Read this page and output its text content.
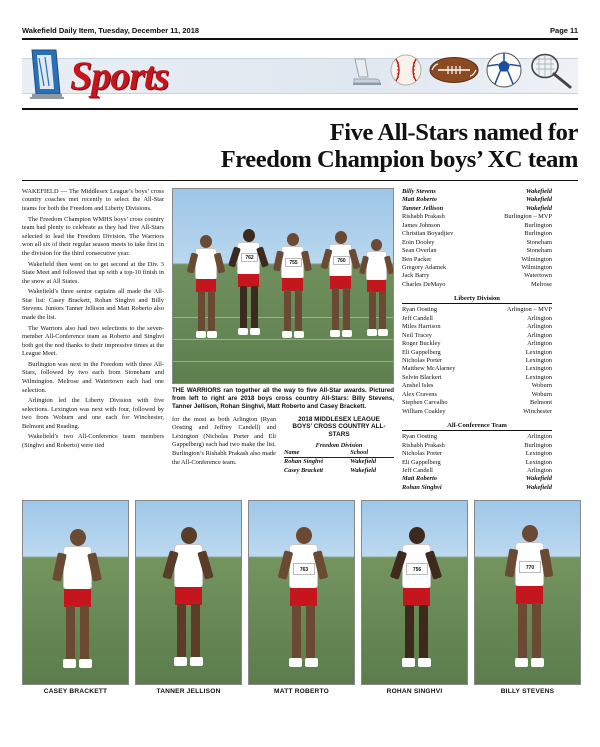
Wakefield Daily Item, Tuesday, December 11, 2018	Page 11
Sports
Five All-Stars named for
Freedom Champion boys’ XC team

WAKEFIELD — The Middlesex League’s boys’ cross country coaches met recently to select the All-Star teams for both the Freedom and Liberty Divisions.

The Freedom Champion WMHS boys’ cross country team had plenty to celebrate as they had five All-Stars selected to lead the Freedom Division. The Warriors won all six of their regular season meets to take first in the division for the third consecutive year.

Wakefield then went on to get second at the Div. 3 State Meet and followed that up with a top-10 finish in the snow at All States.

Wakefield’s three senior captains all made the All-Star list: Casey Brackett, Rohan Singhvi and Billy Stevens. Juniors Tanner Jellison and Matt Roberto also made the list.

The Warriors also had two selections to the seven-member All-Conference team as Roberto and Singhvi both got the nod thanks to their impressive times at the League Meet.

Burlington was next in the Freedom with three All-Stars, followed by two each from Stoneham and Wilmington. Melrose and Watertown each had one selection.

Arlington led the Liberty Division with five selections. Lexington was next with four, followed by two from Woburn and one each for Winchester, Belmont and Reading.

Wakefield’s two All-Conference team members (Singhvi and Roberto) were tied

762
755	760
THE WARRIORS ran together all the way to five All-Star awards. Pictured from left to right are 2018 boys cross country All-Stars: Billy Stevens, Tanner Jellison, Rohan Singhvi, Matt Roberto and Casey Brackett.

for the most as both Arlington (Ryan Oosting and Jeffrey Candell) and Lexington (Nicholas Porter and Eli Gappelberg) each had two make the list. Burlington’s Rishabh Prakash also made the All-Conference team.

2018 MIDDLESEX LEAGUE
BOYS’ CROSS COUNTRY ALL-STARS
Freedom Division
Name	School
Rohan Singhvi	Wakefield
Casey Brackett	Wakefield
Billy Stevens	Wakefield
Matt Roberto	Wakefield
Tanner Jellison	Wakefield
Rishabh Prakash	Burlington – MVP
James Johnson	Burlington
Christian Boyadjiev	Burlington
Eoin Dooley	Stoneham
Sean Overlan	Stoneham
Ben Packer	Wilmington
Gregory Adamek	Wilmington
Jack Barry	Watertown
Charles DeMayo	Melrose
Liberty Division
Ryan Oosting	Arlington – MVP
Jeff Candell	Arlington
Miles Harrison	Arlington
Neil Tracey	Arlington
Roger Buckley	Arlington
Eli Gappelberg	Lexington
Nicholas Porter	Lexington
Matthew McAlarney	Lexington
Selvin Blackert	Lexington
Anshel Isles	Woburn
Alex Cravens	Woburn
Stephen Carvalho	Belmont
William Coakley	Winchester
All-Conference Team
Ryan Oosting	Arlington
Rishabh Prakash	Burlington
Nicholas Porter	Lexington
Eli Gappelberg	Lexington
Jeff Candell	Arlington
Matt Roberto	Wakefield
Rohan Singhvi	Wakefield
CASEY BRACKETT	TANNER JELLISON
763
MATT ROBERTO
756
ROHAN SINGHVI
770
BILLY STEVENS
